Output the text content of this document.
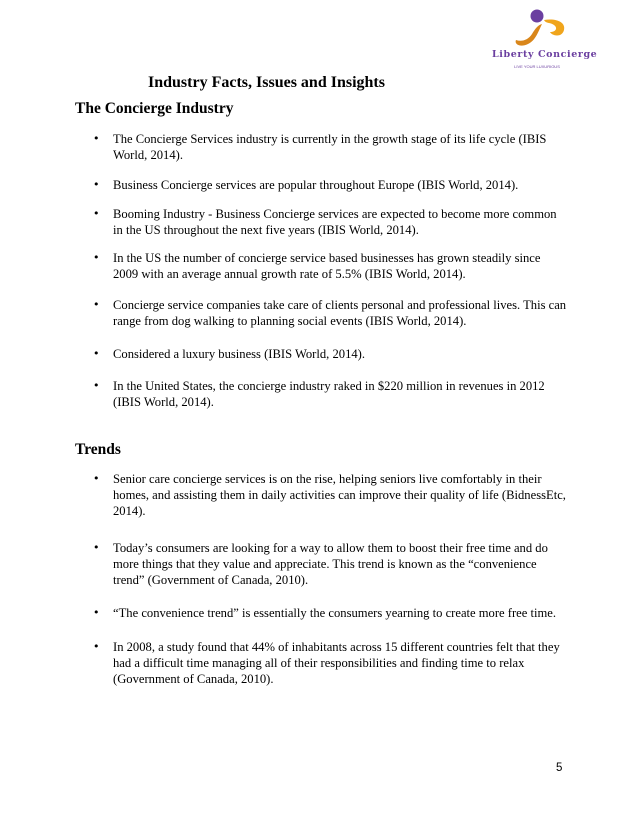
Liberty Concierge
LIVE YOUR LUXURIOUS
Industry Facts, Issues and Insights
The Concierge Industry
• The Concierge Services industry is currently in the growth stage of its life cycle (IBIS World, 2014).
• Business Concierge services are popular throughout Europe (IBIS World, 2014).
• Booming Industry - Business Concierge services are expected to become more common in the US throughout the next five years (IBIS World, 2014).
• In the US the number of concierge service based businesses has grown steadily since 2009 with an average annual growth rate of 5.5% (IBIS World, 2014).
• Concierge service companies take care of clients personal and professional lives. This can range from dog walking to planning social events (IBIS World, 2014).
• Considered a luxury business (IBIS World, 2014).
• In the United States, the concierge industry raked in $220 million in revenues in 2012 (IBIS World, 2014).
Trends
• Senior care concierge services is on the rise, helping seniors live comfortably in their homes, and assisting them in daily activities can improve their quality of life (BidnessEtc, 2014).
• Today’s consumers are looking for a way to allow them to boost their free time and do more things that they value and appreciate. This trend is known as the “convenience trend” (Government of Canada, 2010).
• “The convenience trend” is essentially the consumers yearning to create more free time.
• In 2008, a study found that 44% of inhabitants across 15 different countries felt that they had a difficult time managing all of their responsibilities and finding time to relax (Government of Canada, 2010).
5
